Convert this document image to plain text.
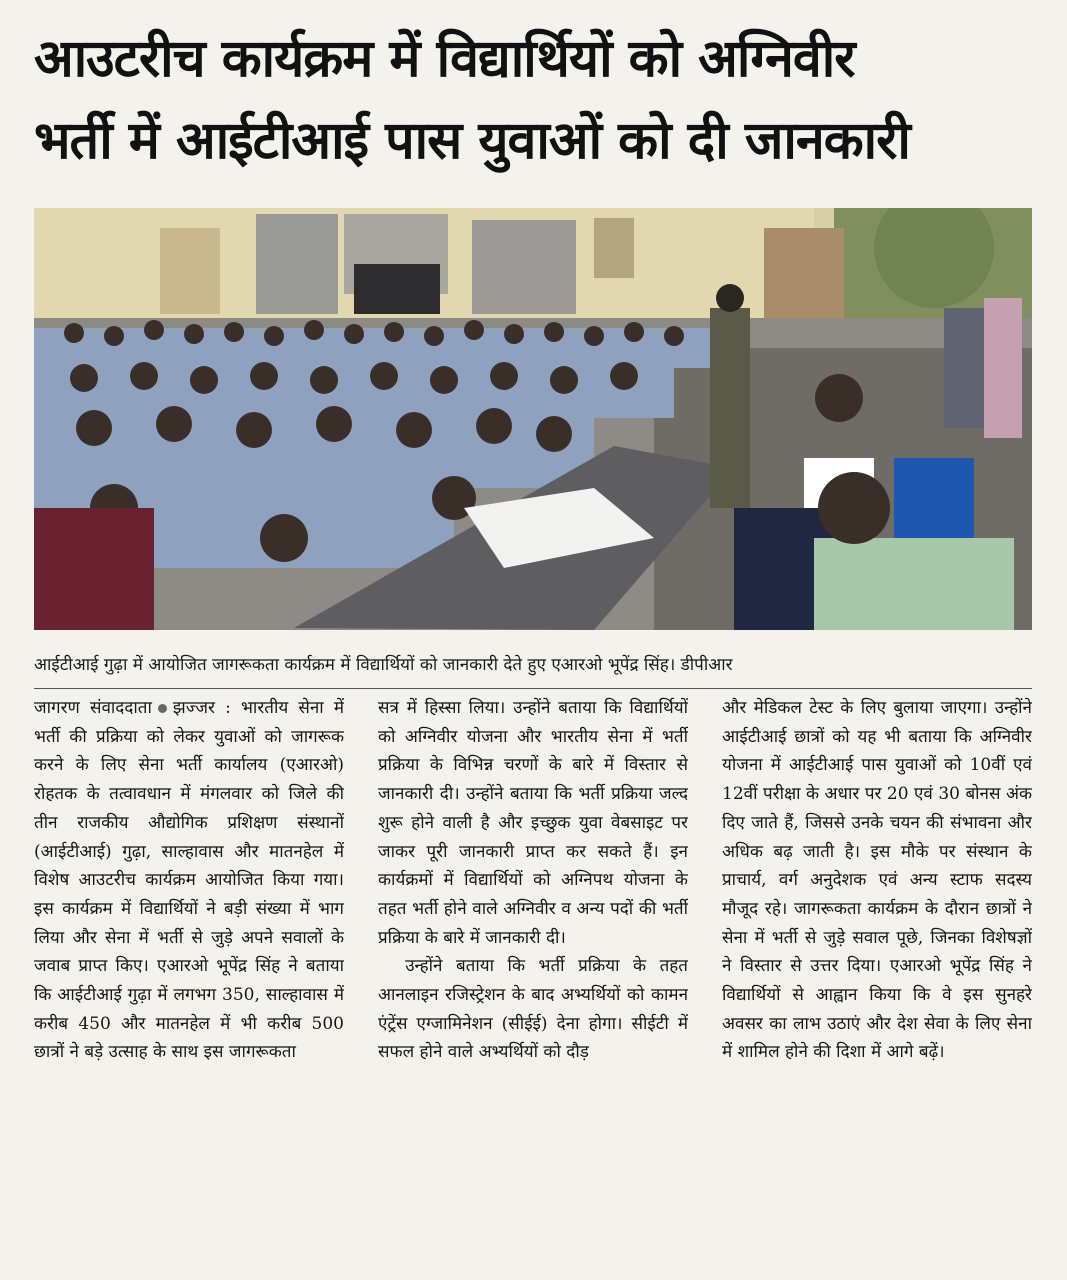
आउटरीच कार्यक्रम में विद्यार्थियों को अग्निवीर
भर्ती में आईटीआई पास युवाओं को दी जानकारी
आईटीआई गुढ़ा में आयोजित जागरूकता कार्यक्रम में विद्यार्थियों को जानकारी देते हुए एआरओ भूपेंद्र सिंह। डीपीआर

जागरण संवाददाता झज्जर : भारतीय सेना में भर्ती की प्रक्रिया को लेकर युवाओं को जागरूक करने के लिए सेना भर्ती कार्यालय (एआरओ) रोहतक के तत्वावधान में मंगलवार को जिले की तीन राजकीय औद्योगिक प्रशिक्षण संस्थानों (आईटीआई) गुढ़ा, साल्हावास और मातनहेल में विशेष आउटरीच कार्यक्रम आयोजित किया गया। इस कार्यक्रम में विद्यार्थियों ने बड़ी संख्या में भाग लिया और सेना में भर्ती से जुड़े अपने सवालों के जवाब प्राप्त किए। एआरओ भूपेंद्र सिंह ने बताया कि आईटीआई गुढ़ा में लगभग 350, साल्हावास में करीब 450 और मातनहेल में भी करीब 500 छात्रों ने बड़े उत्साह के साथ इस जागरूकता

सत्र में हिस्सा लिया। उन्होंने बताया कि विद्यार्थियों को अग्निवीर योजना और भारतीय सेना में भर्ती प्रक्रिया के विभिन्न चरणों के बारे में विस्तार से जानकारी दी। उन्होंने बताया कि भर्ती प्रक्रिया जल्द शुरू होने वाली है और इच्छुक युवा वेबसाइट पर जाकर पूरी जानकारी प्राप्त कर सकते हैं। इन कार्यक्रमों में विद्यार्थियों को अग्निपथ योजना के तहत भर्ती होने वाले अग्निवीर व अन्य पदों की भर्ती प्रक्रिया के बारे में जानकारी दी।

उन्होंने बताया कि भर्ती प्रक्रिया के तहत आनलाइन रजिस्ट्रेशन के बाद अभ्यर्थियों को कामन एंट्रेंस एग्जामिनेशन (सीईई) देना होगा। सीईटी में सफल होने वाले अभ्यर्थियों को दौड़

और मेडिकल टेस्ट के लिए बुलाया जाएगा। उन्होंने आईटीआई छात्रों को यह भी बताया कि अग्निवीर योजना में आईटीआई पास युवाओं को 10वीं एवं 12वीं परीक्षा के अधार पर 20 एवं 30 बोनस अंक दिए जाते हैं, जिससे उनके चयन की संभावना और अधिक बढ़ जाती है। इस मौके पर संस्थान के प्राचार्य, वर्ग अनुदेशक एवं अन्य स्टाफ सदस्य मौजूद रहे। जागरूकता कार्यक्रम के दौरान छात्रों ने सेना में भर्ती से जुड़े सवाल पूछे, जिनका विशेषज्ञों ने विस्तार से उत्तर दिया। एआरओ भूपेंद्र सिंह ने विद्यार्थियों से आह्वान किया कि वे इस सुनहरे अवसर का लाभ उठाएं और देश सेवा के लिए सेना में शामिल होने की दिशा में आगे बढ़ें।
